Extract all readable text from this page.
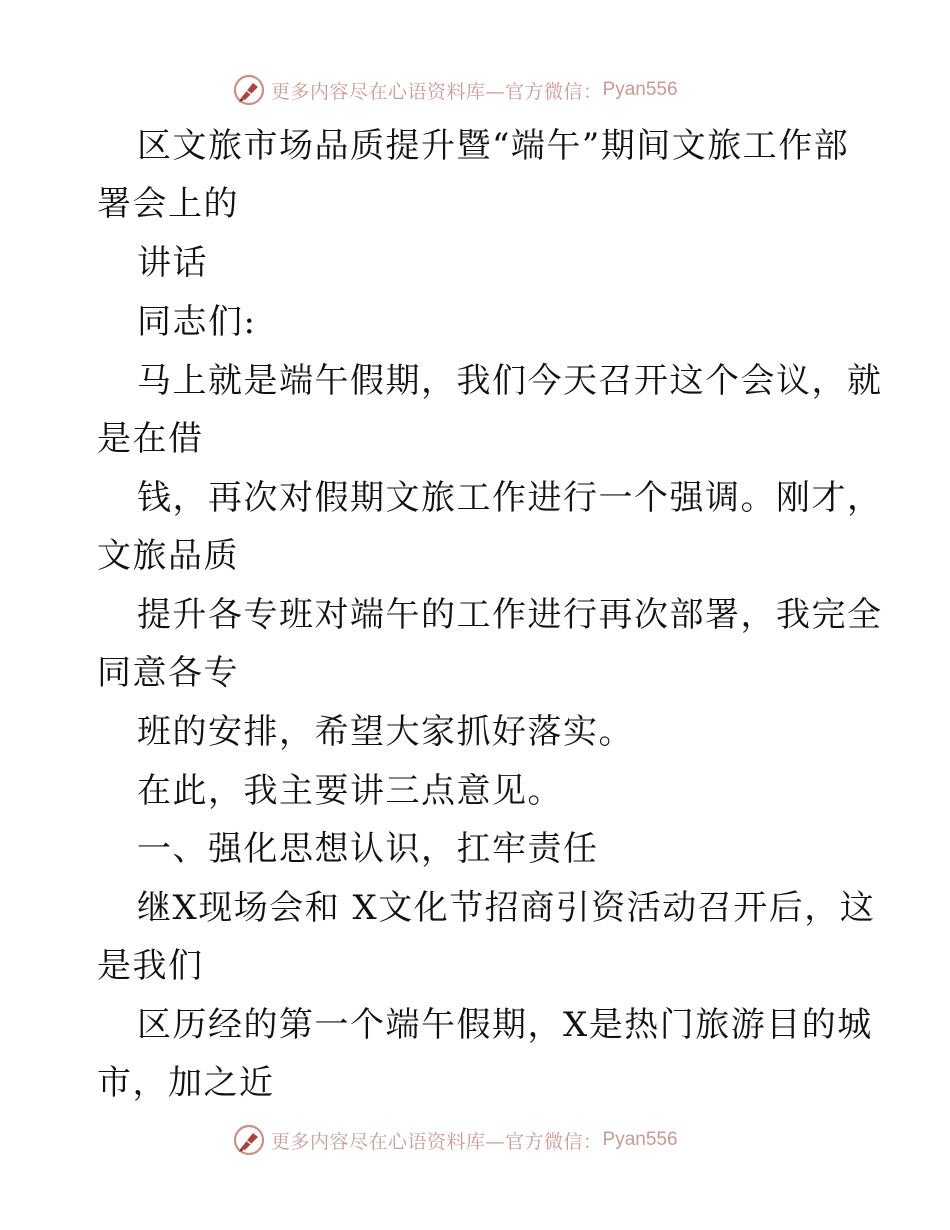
更多内容尽在心语资料库—官方微信： Pyan556
区文旅市场品质提升暨“端午”期间文旅工作部
署会上的
讲话
同志们:
马上就是端午假期，我们今天召开这个会议，就
是在借
钱，再次对假期文旅工作进行一个强调。刚才，
文旅品质
提升各专班对端午的工作进行再次部署，我完全
同意各专
班的安排，希望大家抓好落实。
在此，我主要讲三点意见。
一、强化思想认识，扛牢责任
继X现场会和 X文化节招商引资活动召开后，这
是我们
区历经的第一个端午假期，X是热门旅游目的城
市，加之近
更多内容尽在心语资料库—官方微信： Pyan556
